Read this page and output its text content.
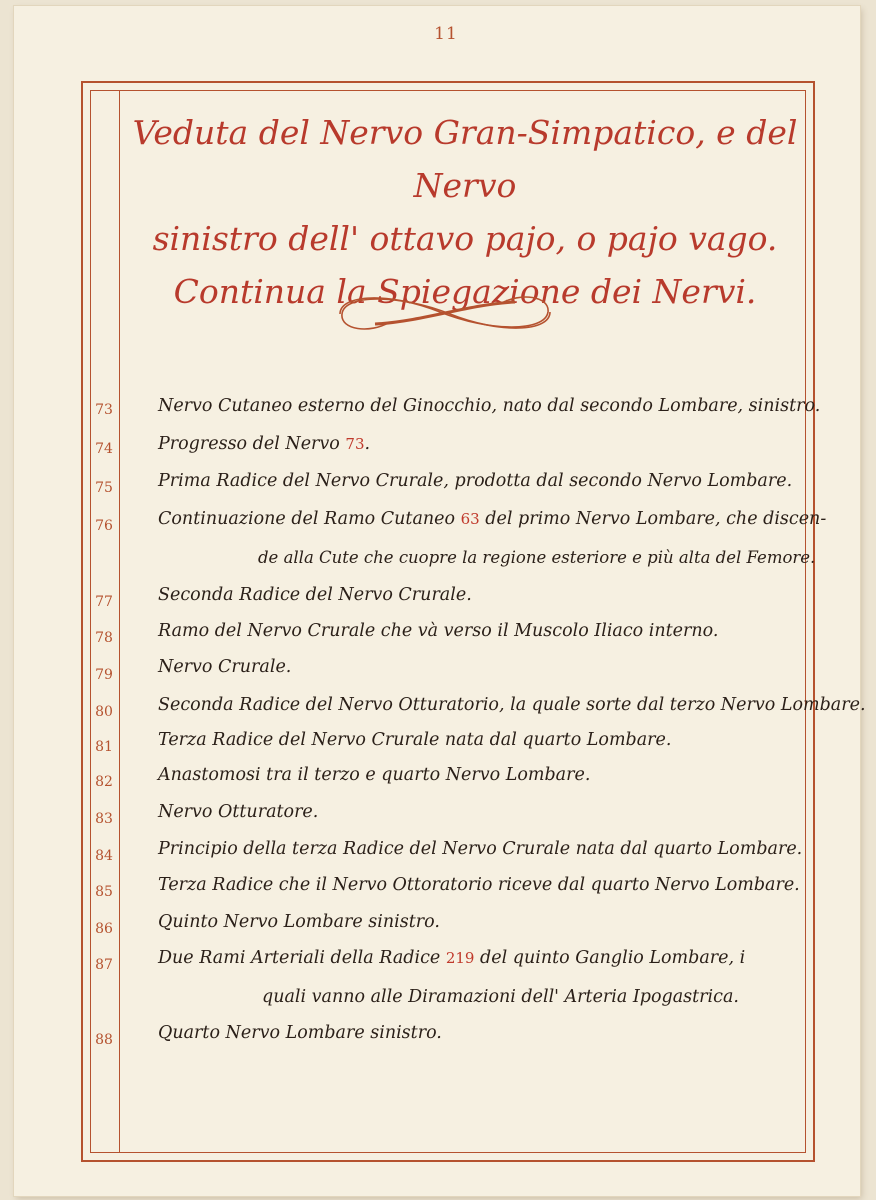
11
Veduta del Nervo Gran-Simpatico, e del Nervo
sinistro dell' ottavo pajo, o pajo vago.
Continua la Spiegazione dei Nervi.
73	Nervo Cutaneo esterno del Ginocchio, nato dal secondo Lombare, sinistro.
74	Progresso del Nervo 73.
75	Prima Radice del Nervo Crurale, prodotta dal secondo Nervo Lombare.
76	Continuazione del Ramo Cutaneo 63 del primo Nervo Lombare, che discen-
de alla Cute che cuopre la regione esteriore e più alta del Femore.
77	Seconda Radice del Nervo Crurale.
78	Ramo del Nervo Crurale che và verso il Muscolo Iliaco interno.
79	Nervo Crurale.
80	Seconda Radice del Nervo Otturatorio, la quale sorte dal terzo Nervo Lombare.
81	Terza Radice del Nervo Crurale nata dal quarto Lombare.
82	Anastomosi tra il terzo e quarto Nervo Lombare.
83	Nervo Otturatore.
84	Principio della terza Radice del Nervo Crurale nata dal quarto Lombare.
85	Terza Radice che il Nervo Ottoratorio riceve dal quarto Nervo Lombare.
86	Quinto Nervo Lombare sinistro.
87	Due Rami Arteriali della Radice 219 del quinto Ganglio Lombare, i
quali vanno alle Diramazioni dell' Arteria Ipogastrica.
88	Quarto Nervo Lombare sinistro.
